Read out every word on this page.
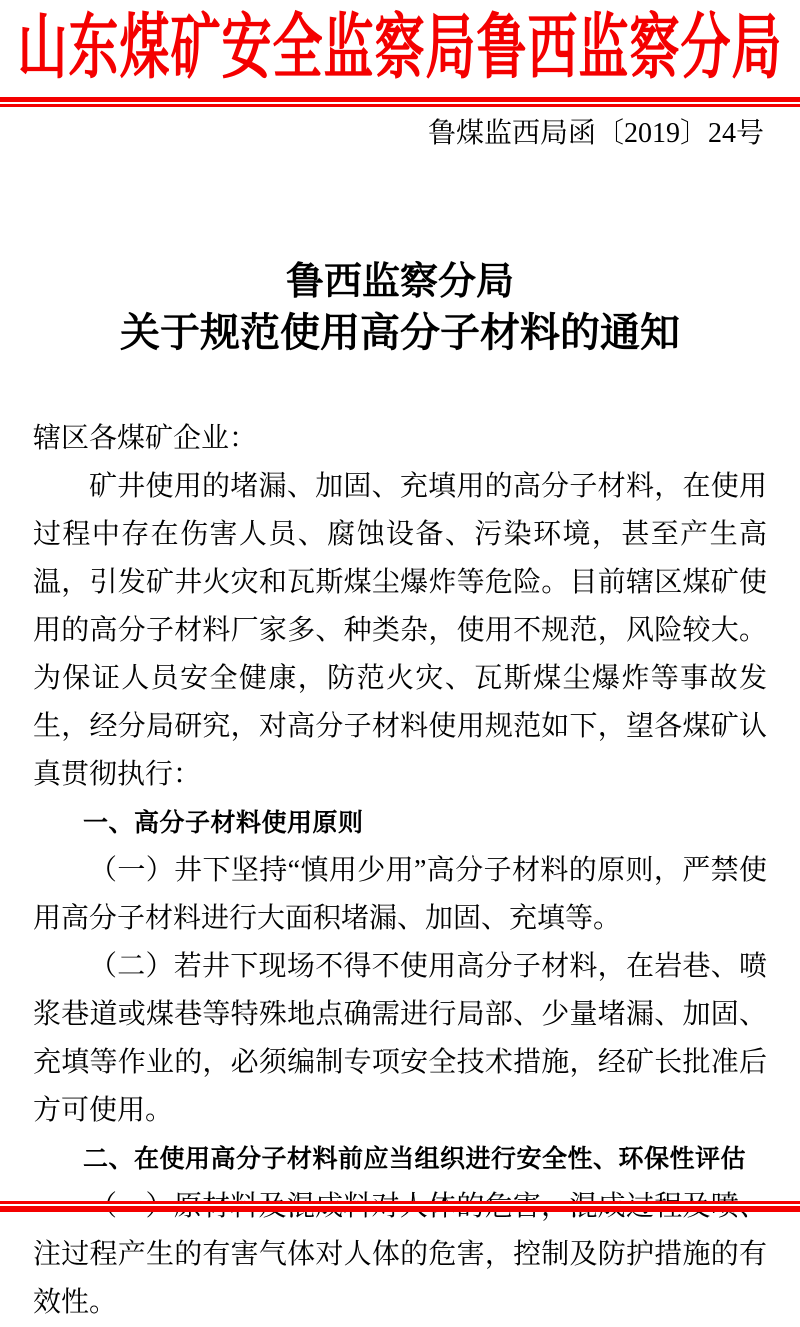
山东煤矿安全监察局鲁西监察分局
鲁煤监西局函〔2019〕24号
鲁西监察分局
关于规范使用高分子材料的通知

辖区各煤矿企业：

矿井使用的堵漏、加固、充填用的高分子材料，在使用过程中存在伤害人员、腐蚀设备、污染环境，甚至产生高温，引发矿井火灾和瓦斯煤尘爆炸等危险。目前辖区煤矿使用的高分子材料厂家多、种类杂，使用不规范，风险较大。为保证人员安全健康，防范火灾、瓦斯煤尘爆炸等事故发生，经分局研究，对高分子材料使用规范如下，望各煤矿认真贯彻执行：

一、高分子材料使用原则

（一）井下坚持“慎用少用”高分子材料的原则，严禁使用高分子材料进行大面积堵漏、加固、充填等。

（二）若井下现场不得不使用高分子材料，在岩巷、喷浆巷道或煤巷等特殊地点确需进行局部、少量堵漏、加固、充填等作业的，必须编制专项安全技术措施，经矿长批准后方可使用。

二、在使用高分子材料前应当组织进行安全性、环保性评估

注过程产生的有害气体对人体的危害，控制及防护措施的有效性。
